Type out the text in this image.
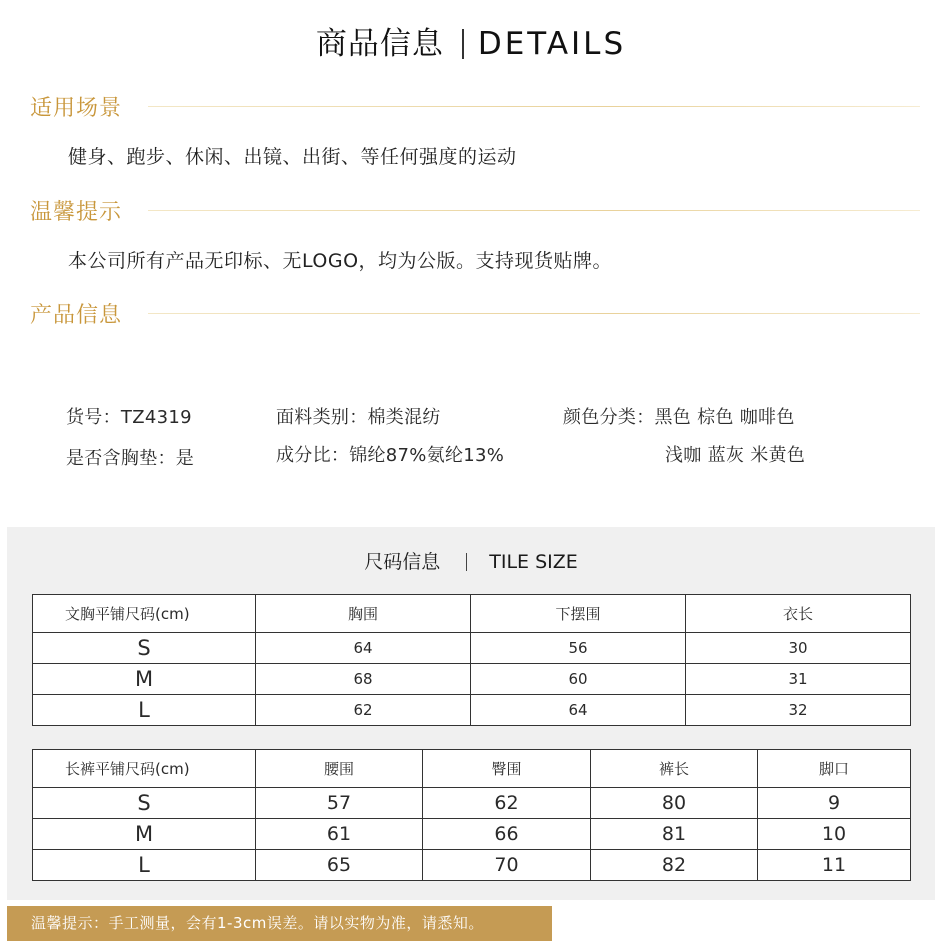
商品信息 DETAILS
适用场景
健身、跑步、休闲、出镜、出街、等任何强度的运动
温馨提示
本公司所有产品无印标、无LOGO，均为公版。支持现货贴牌。
产品信息
货号：TZ4319	面料类别：棉类混纺	颜色分类：黑色 棕色 咖啡色
是否含胸垫：是	成分比：锦纶87%氨纶13%	浅咖 蓝灰 米黄色
尺码信息	TILE SIZE
文胸平铺尺码(cm)	胸围	下摆围	衣长
S	64	56	30
M	68	60	31
L	62	64	32
长裤平铺尺码(cm)	腰围	臀围	裤长	脚口
S	57	62	80	9
M	61	66	81	10
L	65	70	82	11
温馨提示：手工测量，会有1-3cm误差。请以实物为准，请悉知。
